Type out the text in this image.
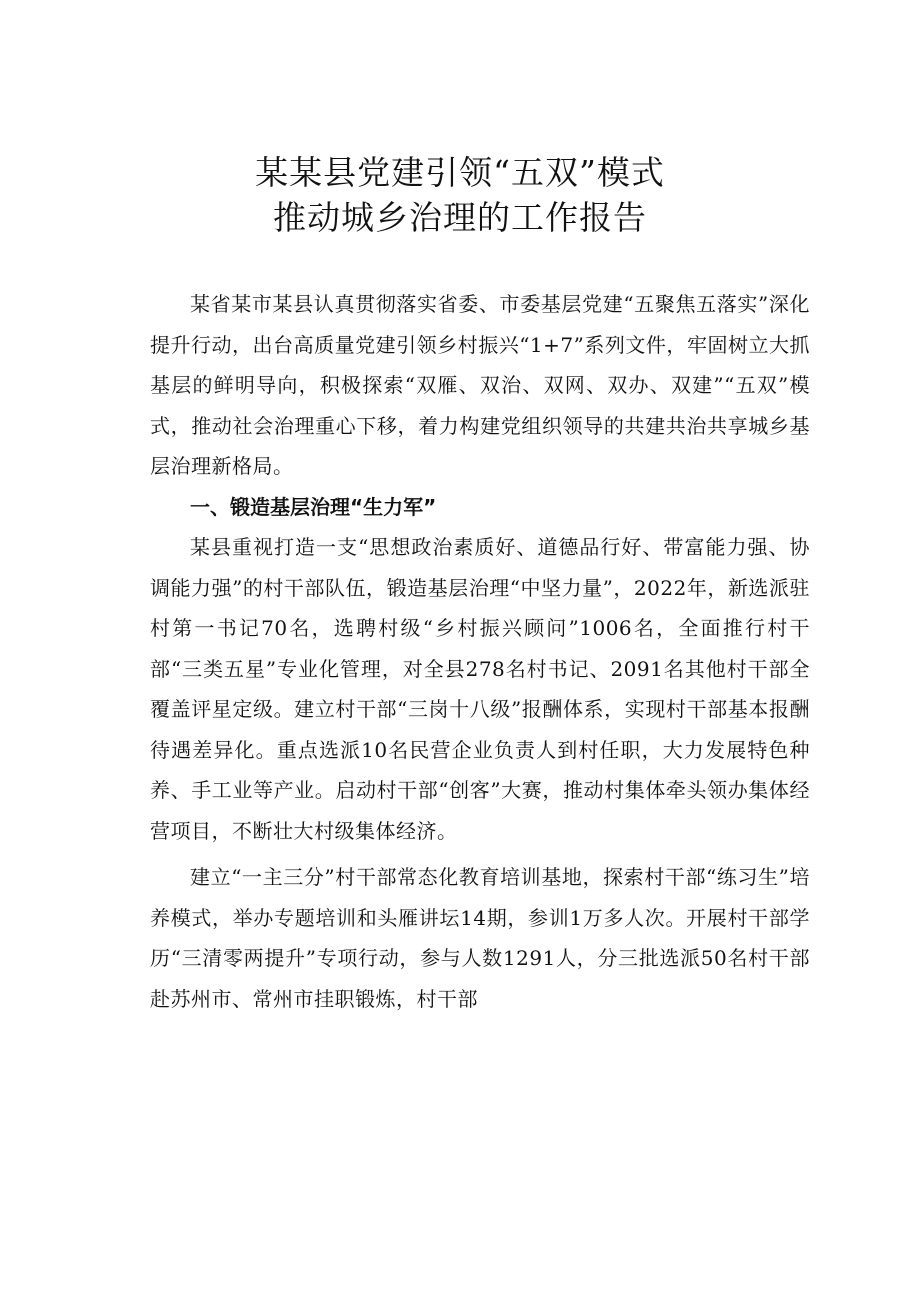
某某县党建引领“五双”模式
推动城乡治理的工作报告

某省某市某县认真贯彻落实省委、市委基层党建“五聚焦五落实”深化提升行动，出台高质量党建引领乡村振兴“1+7”系列文件，牢固树立大抓基层的鲜明导向，积极探索“双雁、双治、双网、双办、双建”“五双”模式，推动社会治理重心下移，着力构建党组织领导的共建共治共享城乡基层治理新格局。

一、锻造基层治理“生力军”

某县重视打造一支“思想政治素质好、道德品行好、带富能力强、协调能力强”的村干部队伍，锻造基层治理“中坚力量”，2022年，新选派驻村第一书记70名，选聘村级“乡村振兴顾问”1006名，全面推行村干部“三类五星”专业化管理，对全县278名村书记、2091名其他村干部全覆盖评星定级。建立村干部“三岗十八级”报酬体系，实现村干部基本报酬待遇差异化。重点选派10名民营企业负责人到村任职，大力发展特色种养、手工业等产业。启动村干部“创客”大赛，推动村集体牵头领办集体经营项目，不断壮大村级集体经济。

建立“一主三分”村干部常态化教育培训基地，探索村干部“练习生”培养模式，举办专题培训和头雁讲坛14期，参训1万多人次。开展村干部学历“三清零两提升”专项行动，参与人数1291人，分三批选派50名村干部赴苏州市、常州市挂职锻炼，村干部
